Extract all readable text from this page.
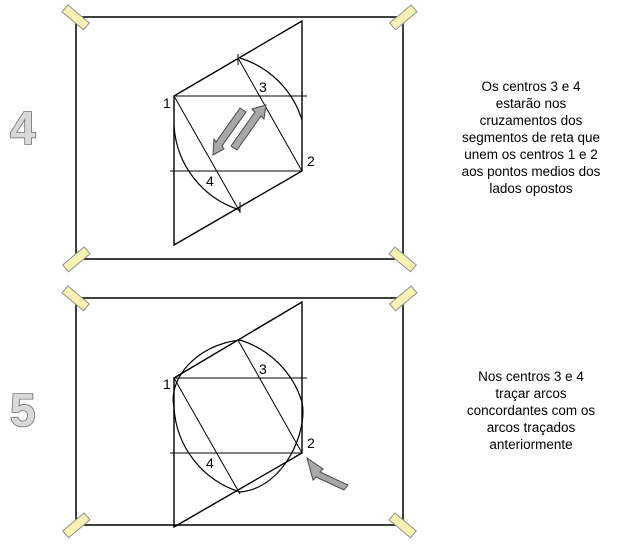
1
2
3
4
4
1
2
3
4
5
Os centros 3 e 4
estarão nos
cruzamentos dos
segmentos de reta que
unem os centros 1 e 2
aos pontos medios dos
lados opostos
Nos centros 3 e 4
traçar arcos
concordantes com os
arcos traçados
anteriormente
